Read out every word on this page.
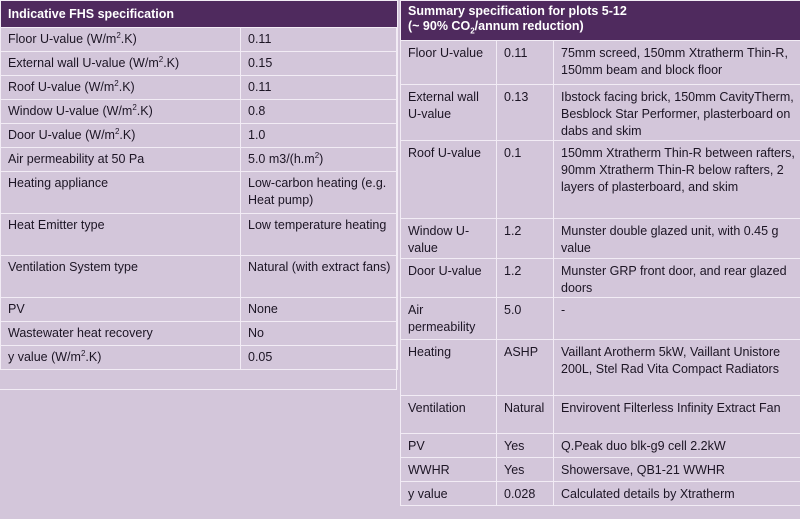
Indicative FHS specification	
Floor U-value $(W/m^2.K)$	0.11
External wall U-value $(W/m^2.K)$	0.15
Roof U-value $(W/m^2.K)$	0.11
Window U-value $(W/m^2.K)$	0.8
Door U-value $(W/m^2.K)$	1.0
Air permeability at 50 Pa	5.0 $m3/(h.m^2)$
Heating appliance	Low-carbon heating (e.g. Heat pump)
Heat Emitter type	Low temperature heating
Ventilation System type	Natural (with extract fans)
PV	None
Wastewater heat recovery	No
y value $(W/m^2.K)$	0.05
Summary specification for plots 5-12
(~ 90% $CO_2$/annum reduction)		
Floor U-value	0.11	75mm screed, 150mm Xtratherm Thin-R, 150mm beam and block floor
External wall U-value	0.13	Ibstock facing brick, 150mm CavityTherm, Besblock Star Performer, plasterboard on dabs and skim
Roof U-value	0.1	150mm Xtratherm Thin-R between rafters, 90mm Xtratherm Thin-R below rafters, 2 layers of plasterboard, and skim
Window U-value	1.2	Munster double glazed unit, with 0.45 g value
Door U-value	1.2	Munster GRP front door, and rear glazed doors
Air permeability	5.0	-
Heating	ASHP	Vaillant Arotherm 5kW, Vaillant Unistore 200L, Stel Rad Vita Compact Radiators
Ventilation	Natural	Envirovent Filterless Infinity Extract Fan
PV	Yes	Q.Peak duo blk-g9 cell 2.2kW
WWHR	Yes	Showersave, QB1-21 WWHR
y value	0.028	Calculated details by Xtratherm
